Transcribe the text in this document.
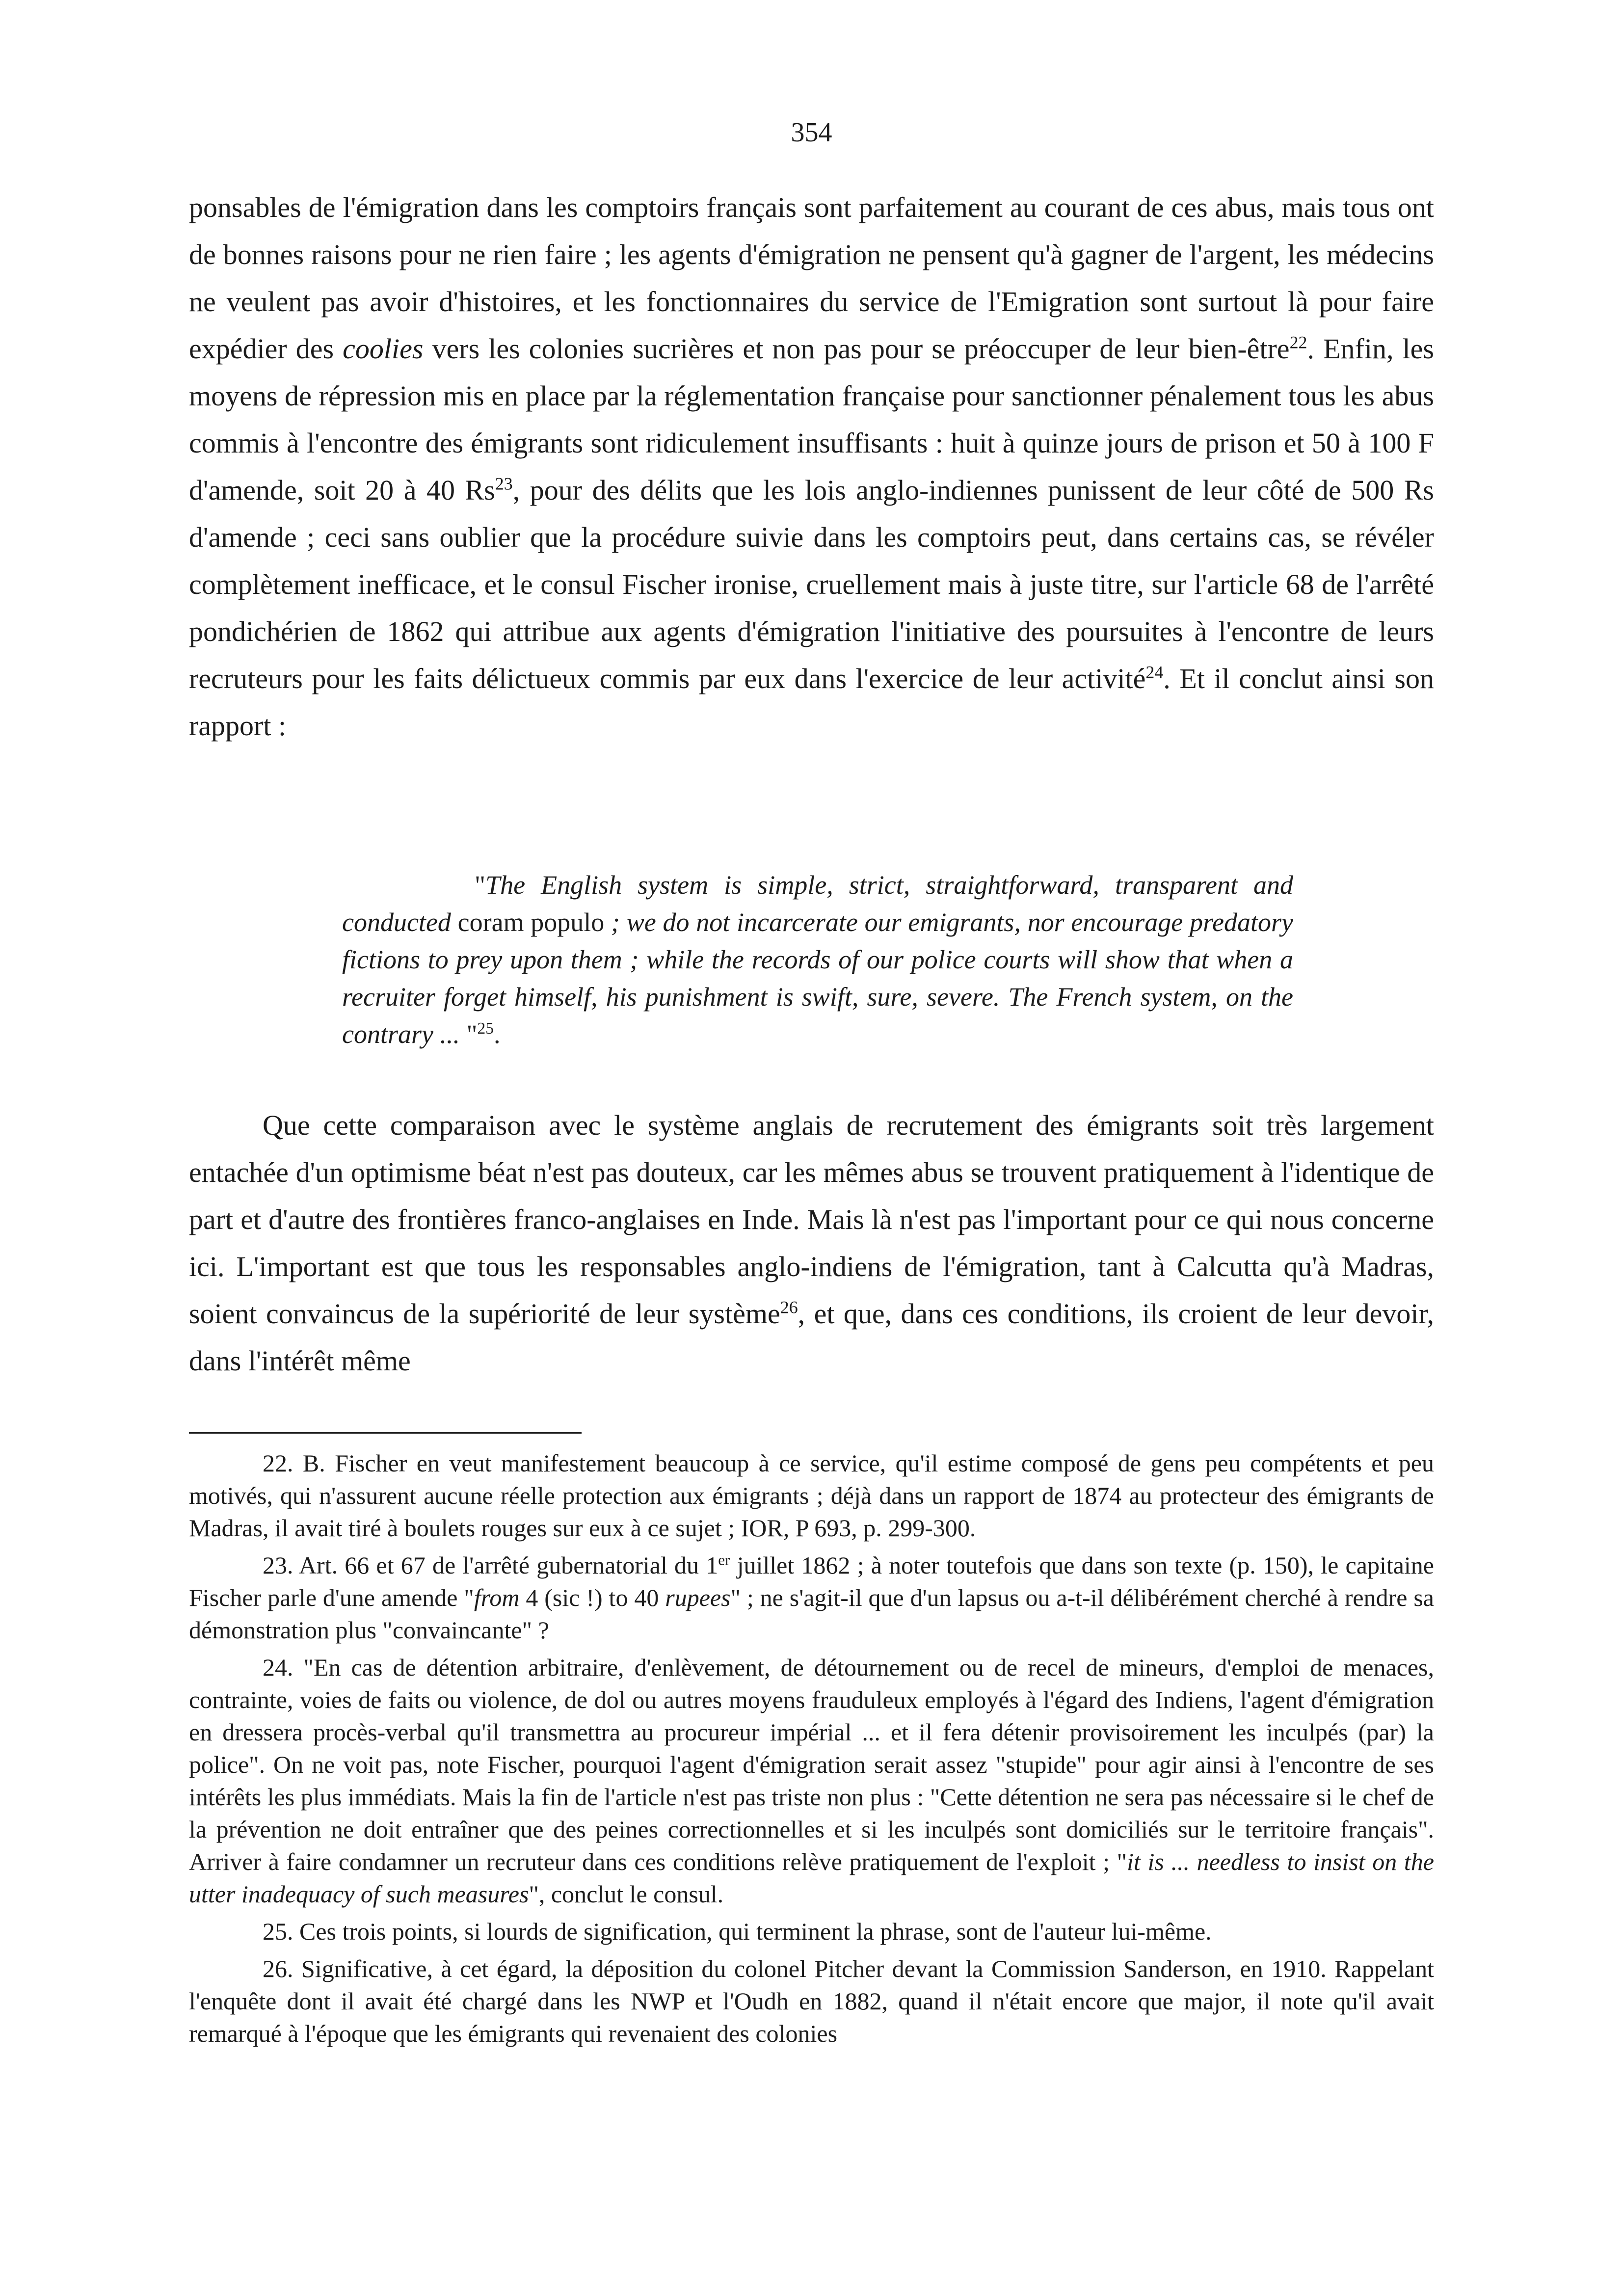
354

ponsables de l'émigration dans les comptoirs français sont parfaitement au courant de ces abus, mais tous ont de bonnes raisons pour ne rien faire ; les agents d'émigration ne pensent qu'à gagner de l'argent, les médecins ne veulent pas avoir d'histoires, et les fonctionnaires du service de l'Emigration sont surtout là pour faire expédier des coolies vers les colonies sucrières et non pas pour se préoccuper de leur bien-être$^{22}$. Enfin, les moyens de répression mis en place par la réglementation française pour sanctionner pénalement tous les abus commis à l'encontre des émigrants sont ridiculement insuffisants : huit à quinze jours de prison et 50 à 100 F d'amende, soit 20 à 40 Rs$^{23}$, pour des délits que les lois anglo-indiennes punissent de leur côté de 500 Rs d'amende ; ceci sans oublier que la procédure suivie dans les comptoirs peut, dans certains cas, se révéler complètement inefficace, et le consul Fischer ironise, cruellement mais à juste titre, sur l'article 68 de l'arrêté pondichérien de 1862 qui attribue aux agents d'émigration l'initiative des poursuites à l'encontre de leurs recruteurs pour les faits délictueux commis par eux dans l'exercice de leur activité$^{24}$. Et il conclut ainsi son rapport :

"The English system is simple, strict, straightforward, transparent and conducted coram populo ; we do not incarcerate our emigrants, nor encourage predatory fictions to prey upon them ; while the records of our police courts will show that when a recruiter forget himself, his punishment is swift, sure, severe. The French system, on the contrary ... "$^{25}$.
Que cette comparaison avec le système anglais de recrutement des émigrants soit très largement entachée d'un optimisme béat n'est pas douteux, car les mêmes abus se trouvent pratiquement à l'identique de part et d'autre des frontières franco-anglaises en Inde. Mais là n'est pas l'important pour ce qui nous concerne ici. L'important est que tous les responsables anglo-indiens de l'émigration, tant à Calcutta qu'à Madras, soient convaincus de la supériorité de leur système$^{26}$, et que, dans ces conditions, ils croient de leur devoir, dans l'intérêt même

22. B. Fischer en veut manifestement beaucoup à ce service, qu'il estime composé de gens peu compétents et peu motivés, qui n'assurent aucune réelle protection aux émigrants ; déjà dans un rapport de 1874 au protecteur des émigrants de Madras, il avait tiré à boulets rouges sur eux à ce sujet ; IOR, P 693, p. 299-300.

23. Art. 66 et 67 de l'arrêté gubernatorial du 1er juillet 1862 ; à noter toutefois que dans son texte (p. 150), le capitaine Fischer parle d'une amende "from 4 (sic !) to 40 rupees" ; ne s'agit-il que d'un lapsus ou a-t-il délibérément cherché à rendre sa démonstration plus "convaincante" ?

24. "En cas de détention arbitraire, d'enlèvement, de détournement ou de recel de mineurs, d'emploi de menaces, contrainte, voies de faits ou violence, de dol ou autres moyens frauduleux employés à l'égard des Indiens, l'agent d'émigration en dressera procès-verbal qu'il transmettra au procureur impérial ... et il fera détenir provisoirement les inculpés (par) la police". On ne voit pas, note Fischer, pourquoi l'agent d'émigration serait assez "stupide" pour agir ainsi à l'encontre de ses intérêts les plus immédiats. Mais la fin de l'article n'est pas triste non plus : "Cette détention ne sera pas nécessaire si le chef de la prévention ne doit entraîner que des peines correctionnelles et si les inculpés sont domiciliés sur le territoire français". Arriver à faire condamner un recruteur dans ces conditions relève pratiquement de l'exploit ; "it is ... needless to insist on the utter inadequacy of such measures", conclut le consul.

25. Ces trois points, si lourds de signification, qui terminent la phrase, sont de l'auteur lui-même.

26. Significative, à cet égard, la déposition du colonel Pitcher devant la Commission Sanderson, en 1910. Rappelant l'enquête dont il avait été chargé dans les NWP et l'Oudh en 1882, quand il n'était encore que major, il note qu'il avait remarqué à l'époque que les émigrants qui revenaient des colonies
